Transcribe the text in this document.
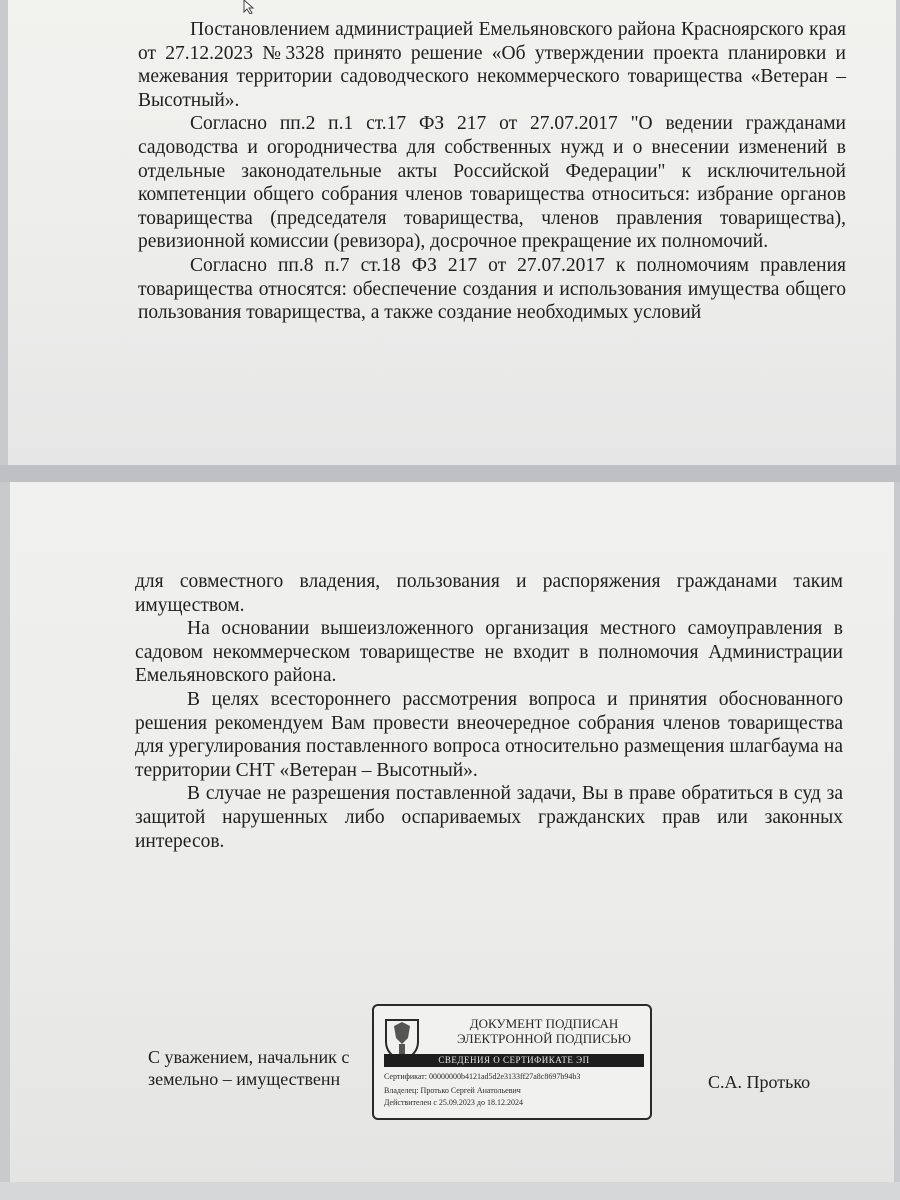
Постановлением администрацией Емельяновского района Красноярского края от 27.12.2023 №3328 принято решение «Об утверждении проекта планировки и межевания территории садоводческого некоммерческого товарищества «Ветеран – Высотный».

Согласно пп.2 п.1 ст.17 ФЗ 217 от 27.07.2017 "О ведении гражданами садоводства и огородничества для собственных нужд и о внесении изменений в отдельные законодательные акты Российской Федерации" к исключительной компетенции общего собрания членов товарищества относиться: избрание органов товарищества (председателя товарищества, членов правления товарищества), ревизионной комиссии (ревизора), досрочное прекращение их полномочий.

Согласно пп.8 п.7 ст.18 ФЗ 217 от 27.07.2017 к полномочиям правления товарищества относятся: обеспечение создания и использования имущества общего пользования товарищества, а также создание необходимых условий

для совместного владения, пользования и распоряжения гражданами таким имуществом.

На основании вышеизложенного организация местного самоуправления в садовом некоммерческом товариществе не входит в полномочия Администрации Емельяновского района.

В целях всестороннего рассмотрения вопроса и принятия обоснованного решения рекомендуем Вам провести внеочередное собрания членов товарищества для урегулирования поставленного вопроса относительно размещения шлагбаума на территории СНТ «Ветеран – Высотный».

В случае не разрешения поставленной задачи, Вы в праве обратиться в суд за защитой нарушенных либо оспариваемых гражданских прав или законных интересов.

С уважением, начальник с
земельно – имущественн
ДОКУМЕНТ ПОДПИСАН ЭЛЕКТРОННОЙ ПОДПИСЬЮ
СВЕДЕНИЯ О СЕРТИФИКАТЕ ЭП
Сертификат: 00000000b4121ad5d2e3133ff27a8c8697b94b3
Владелец: Протько Сергей Анатольевич
Действителен с 25.09.2023 до 18.12.2024
С.А. Протько
